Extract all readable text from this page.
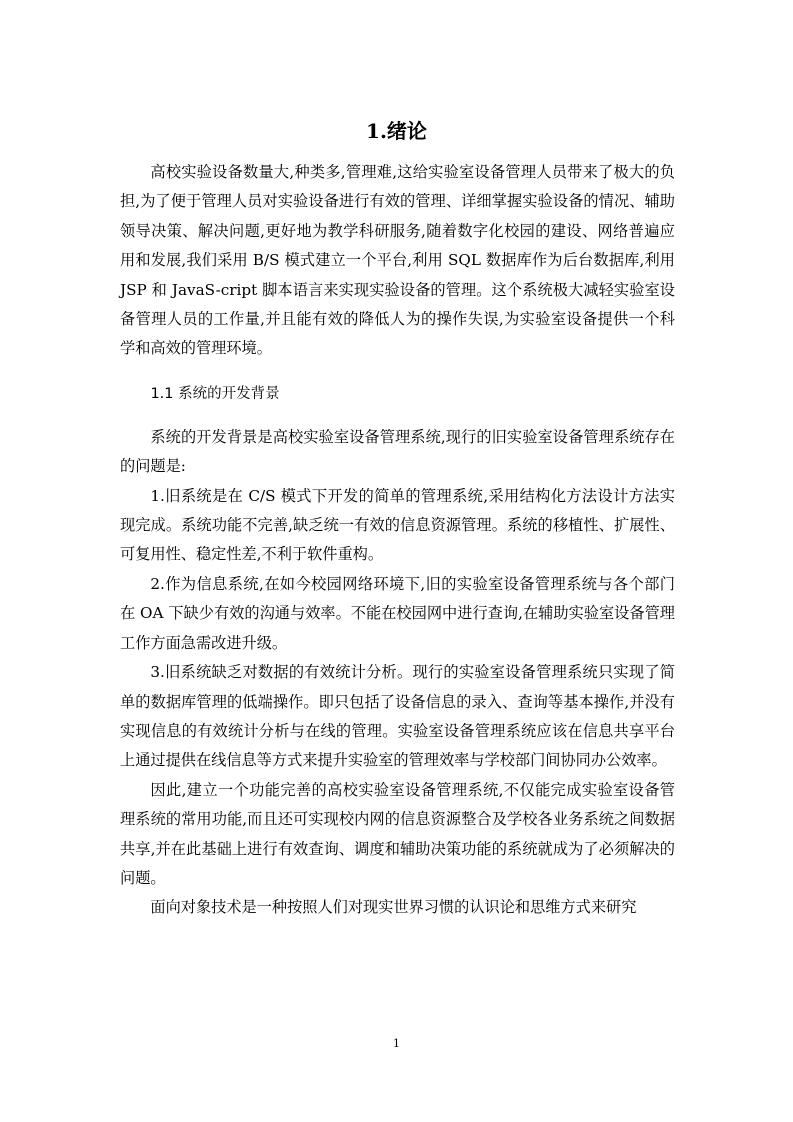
1.绪论

高校实验设备数量大,种类多,管理难,这给实验室设备管理人员带来了极大的负担,为了便于管理人员对实验设备进行有效的管理、详细掌握实验设备的情况、辅助领导决策、解决问题,更好地为教学科研服务,随着数字化校园的建设、网络普遍应用和发展,我们采用 B/S 模式建立一个平台,利用 SQL 数据库作为后台数据库,利用 JSP 和 JavaS-cript 脚本语言来实现实验设备的管理。这个系统极大减轻实验室设备管理人员的工作量,并且能有效的降低人为的操作失误,为实验室设备提供一个科学和高效的管理环境。

1.1 系统的开发背景

系统的开发背景是高校实验室设备管理系统,现行的旧实验室设备管理系统存在的问题是:

1.旧系统是在 C/S 模式下开发的简单的管理系统,采用结构化方法设计方法实现完成。系统功能不完善,缺乏统一有效的信息资源管理。系统的移植性、扩展性、可复用性、稳定性差,不利于软件重构。

2.作为信息系统,在如今校园网络环境下,旧的实验室设备管理系统与各个部门在 OA 下缺少有效的沟通与效率。不能在校园网中进行查询,在辅助实验室设备管理工作方面急需改进升级。

3.旧系统缺乏对数据的有效统计分析。现行的实验室设备管理系统只实现了简单的数据库管理的低端操作。即只包括了设备信息的录入、查询等基本操作,并没有实现信息的有效统计分析与在线的管理。实验室设备管理系统应该在信息共享平台上通过提供在线信息等方式来提升实验室的管理效率与学校部门间协同办公效率。

因此,建立一个功能完善的高校实验室设备管理系统,不仅能完成实验室设备管理系统的常用功能,而且还可实现校内网的信息资源整合及学校各业务系统之间数据共享,并在此基础上进行有效查询、调度和辅助决策功能的系统就成为了必须解决的问题。

面向对象技术是一种按照人们对现实世界习惯的认识论和思维方式来研究

1
